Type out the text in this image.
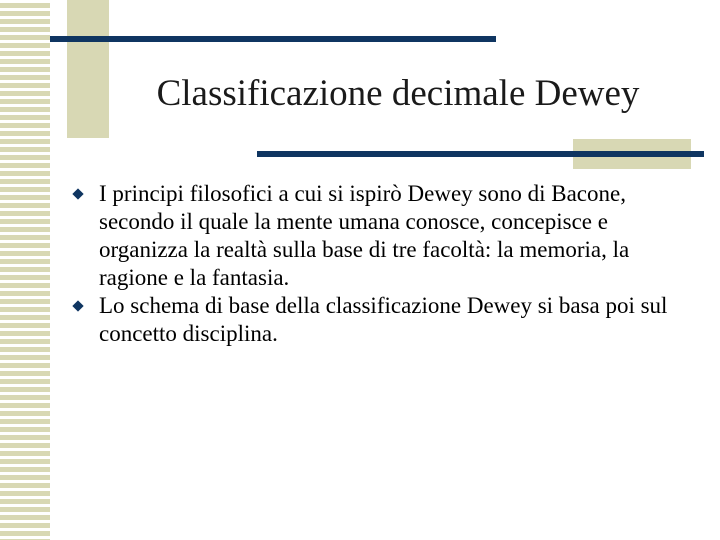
Classificazione decimale Dewey
I principi filosofici a cui si ispirò Dewey sono di Bacone, secondo il quale la mente umana conosce, concepisce e organizza la realtà sulla base di tre facoltà: la memoria, la ragione e la fantasia.
Lo schema di base della classificazione Dewey si basa poi sul concetto disciplina.
